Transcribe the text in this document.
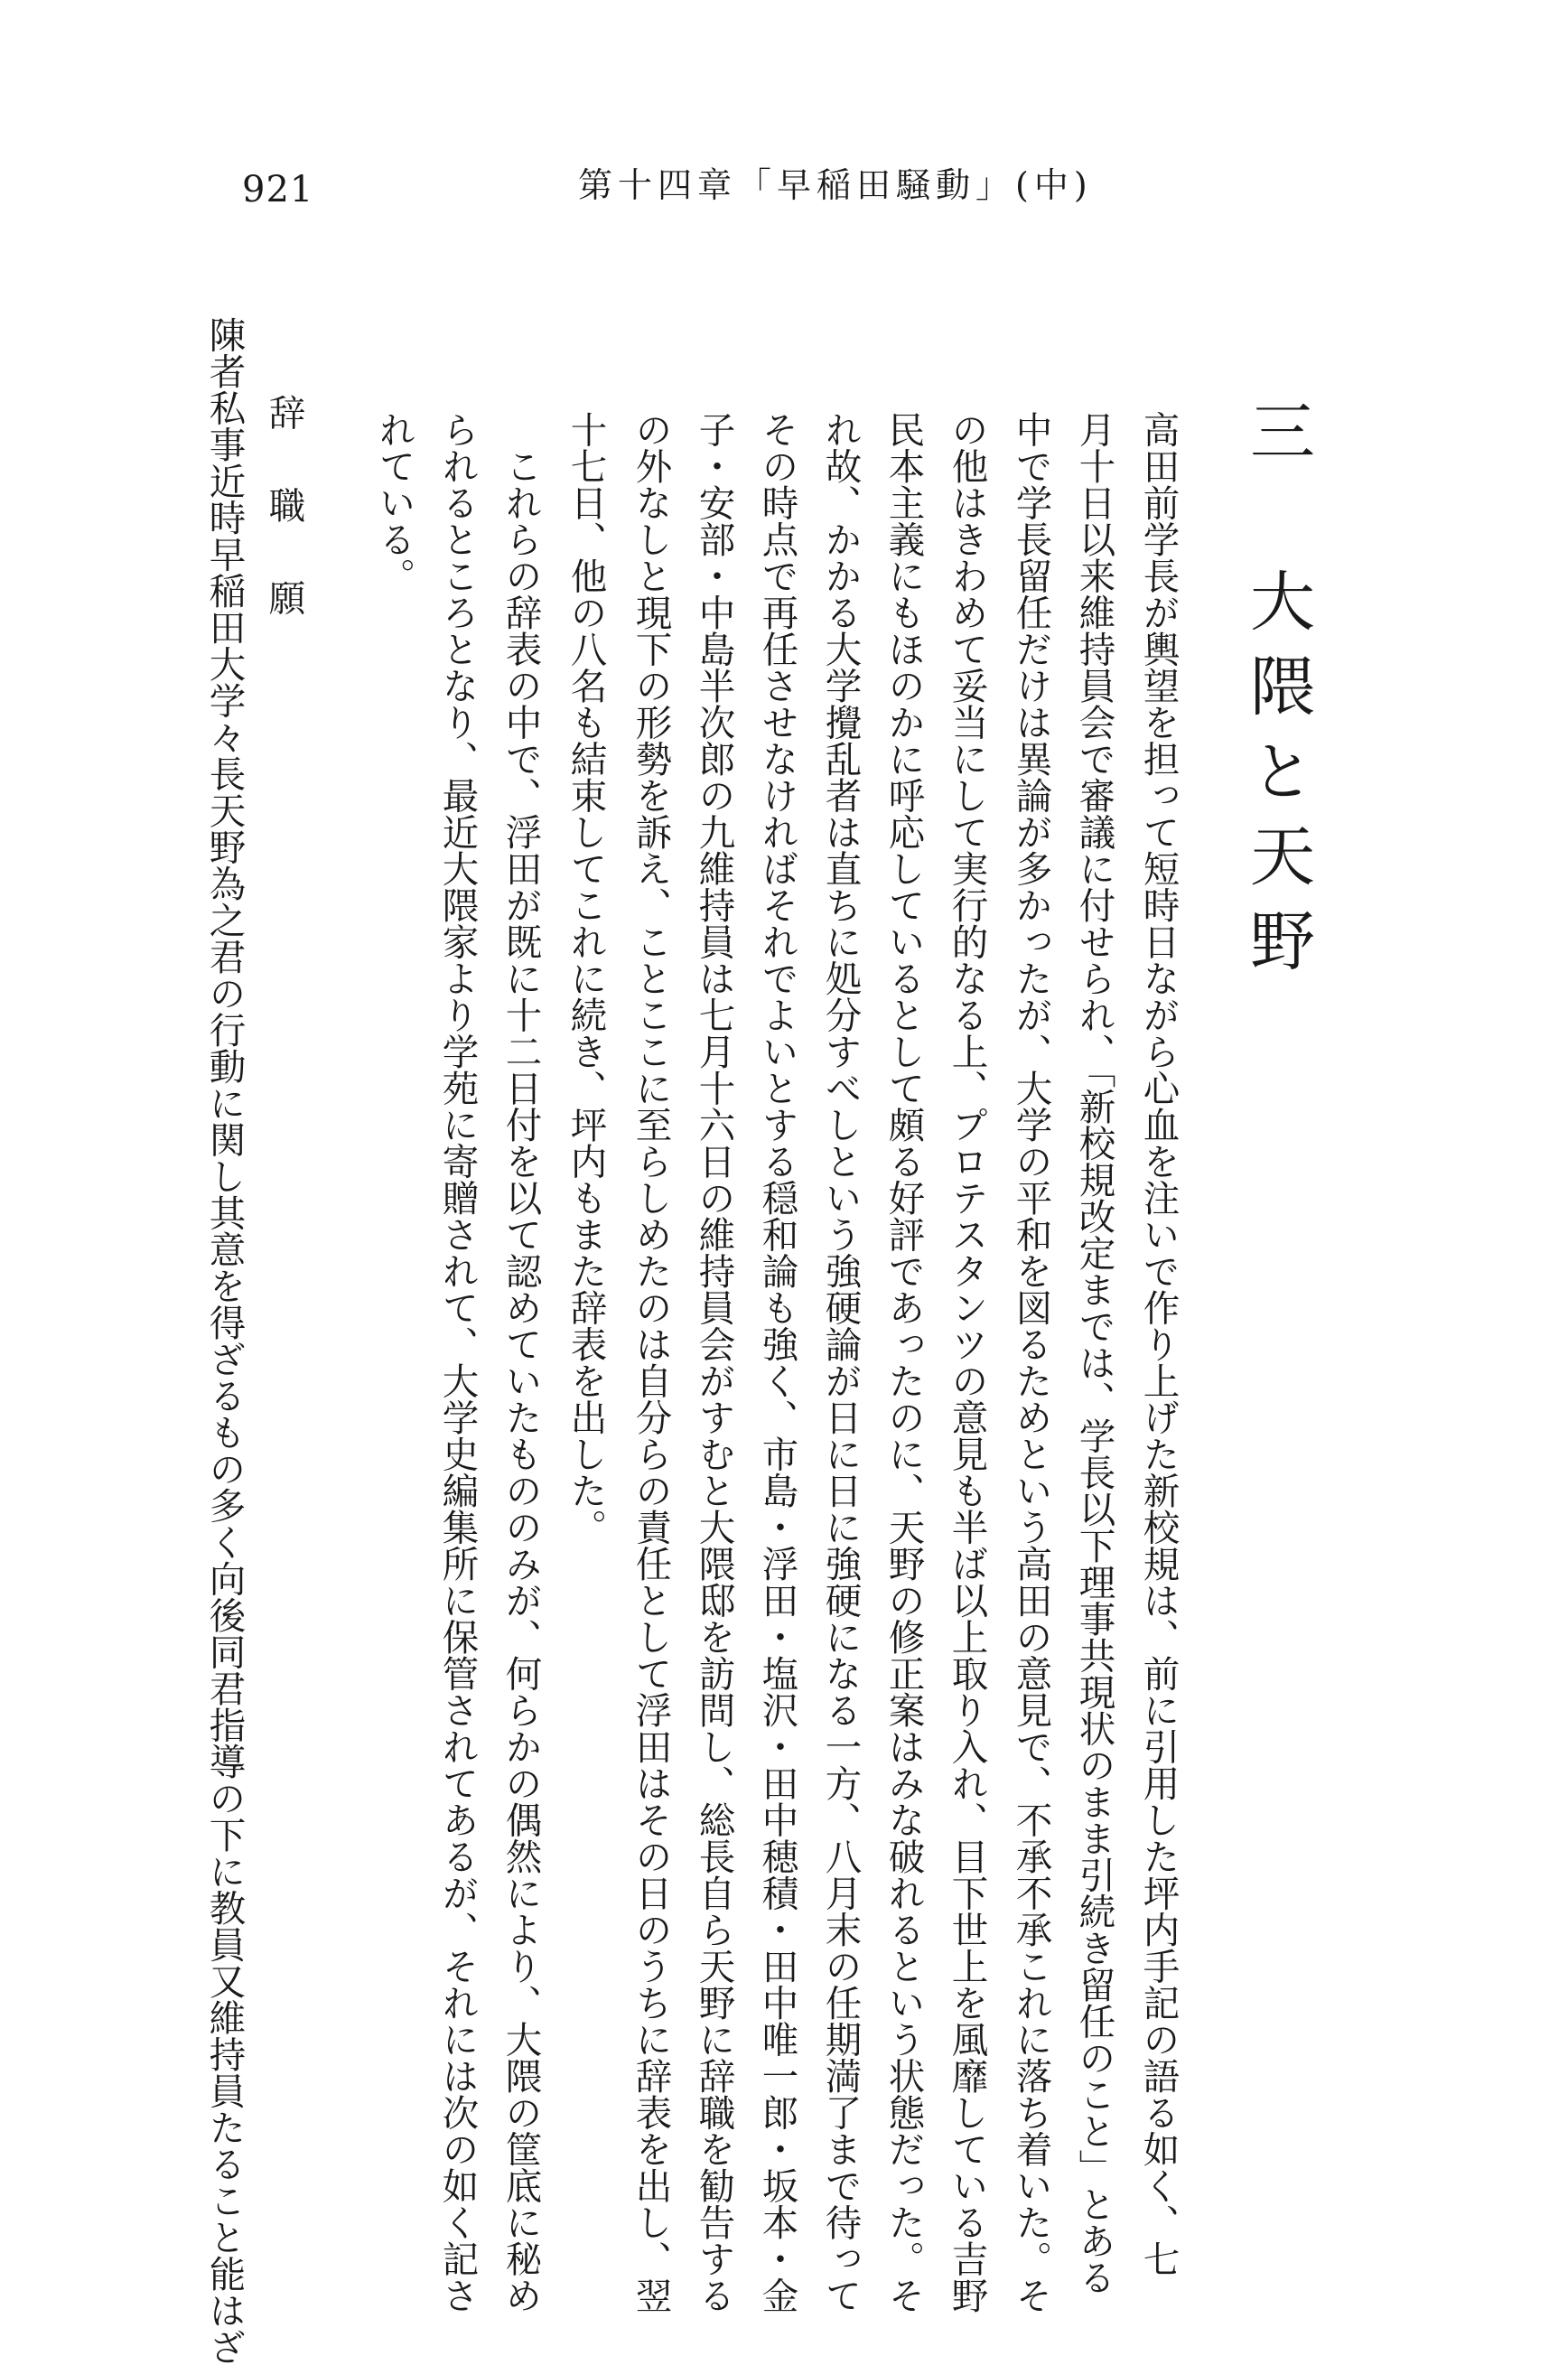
921	第十四章「早稲田騒動」(中)
三　大隈と天野
高田前学長が輿望を担って短時日ながら心血を注いで作り上げた新校規は、前に引用した坪内手記の語る如く、七
月十日以来維持員会で審議に付せられ、「新校規改定までは、学長以下理事共現状のまま引続き留任のこと」とある
中で学長留任だけは異論が多かったが、大学の平和を図るためという高田の意見で、不承不承これに落ち着いた。そ
の他はきわめて妥当にして実行的なる上、プロテスタンツの意見も半ば以上取り入れ、目下世上を風靡している吉野
民本主義にもほのかに呼応しているとして頗る好評であったのに、天野の修正案はみな破れるという状態だった。そ
れ故、かかる大学攪乱者は直ちに処分すべしという強硬論が日に日に強硬になる一方、八月末の任期満了まで待って
その時点で再任させなければそれでよいとする穏和論も強く、市島・浮田・塩沢・田中穂積・田中唯一郎・坂本・金
子・安部・中島半次郎の九維持員は七月十六日の維持員会がすむと大隈邸を訪問し、総長自ら天野に辞職を勧告する
の外なしと現下の形勢を訴え、ことここに至らしめたのは自分らの責任として浮田はその日のうちに辞表を出し、翌
十七日、他の八名も結束してこれに続き、坪内もまた辞表を出した。
　これらの辞表の中で、浮田が既に十二日付を以て認めていたもののみが、何らかの偶然により、大隈の筐底に秘め
られるところとなり、最近大隈家より学苑に寄贈されて、大学史編集所に保管されてあるが、それには次の如く記さ
れている。
辞職願
陳者私事近時早稲田大学々長天野為之君の行動に関し其意を得ざるもの多く向後同君指導の下に教員又維持員たること能はざ
